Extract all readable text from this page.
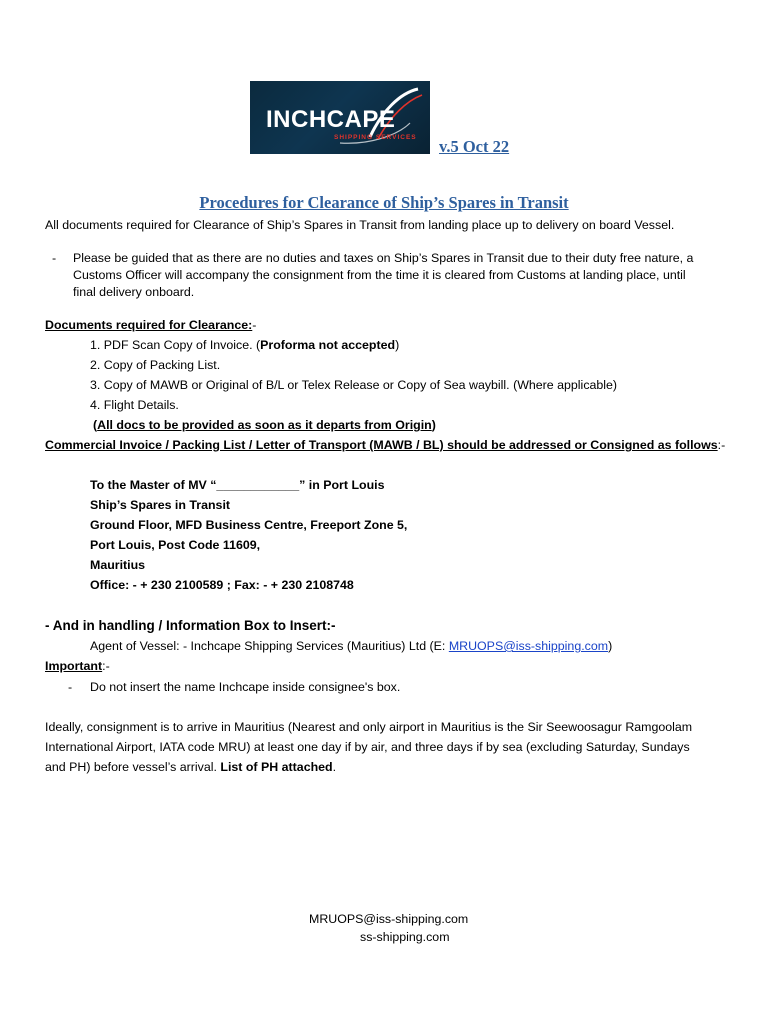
INCHCAPE
SHIPPING SERVICES v.5 Oct 22
Procedures for Clearance of Ship’s Spares in Transit
All documents required for Clearance of Ship’s Spares in Transit from landing place up to delivery on board Vessel.
- Please be guided that as there are no duties and taxes on Ship’s Spares in Transit due to their duty free nature, a
Customs Officer will accompany the consignment from the time it is cleared from Customs at landing place, until
final delivery onboard.
Documents required for Clearance:-
1. PDF Scan Copy of Invoice. (Proforma not accepted)
2. Copy of Packing List.
3. Copy of MAWB or Original of B/L or Telex Release or Copy of Sea waybill. (Where applicable)
4. Flight Details.
(All docs to be provided as soon as it departs from Origin)
Commercial Invoice / Packing List / Letter of Transport (MAWB / BL) should be addressed or Consigned as follows:-
To the Master of MV “____________” in Port Louis
Ship’s Spares in Transit
Ground Floor, MFD Business Centre, Freeport Zone 5,
Port Louis, Post Code 11609,
Mauritius
Office: - + 230 2100589 ; Fax: - + 230 2108748
- And in handling / Information Box to Insert:-
Agent of Vessel: - Inchcape Shipping Services (Mauritius) Ltd (E: MRUOPS@iss-shipping.com)
Important:-
- Do not insert the name Inchcape inside consignee's box.
Ideally, consignment is to arrive in Mauritius (Nearest and only airport in Mauritius is the Sir Seewoosagur Ramgoolam
International Airport, IATA code MRU) at least one day if by air, and three days if by sea (excluding Saturday, Sundays
and PH) before vessel’s arrival. List of PH attached.
MRUOPS@iss-shipping.com
ss-shipping.com
